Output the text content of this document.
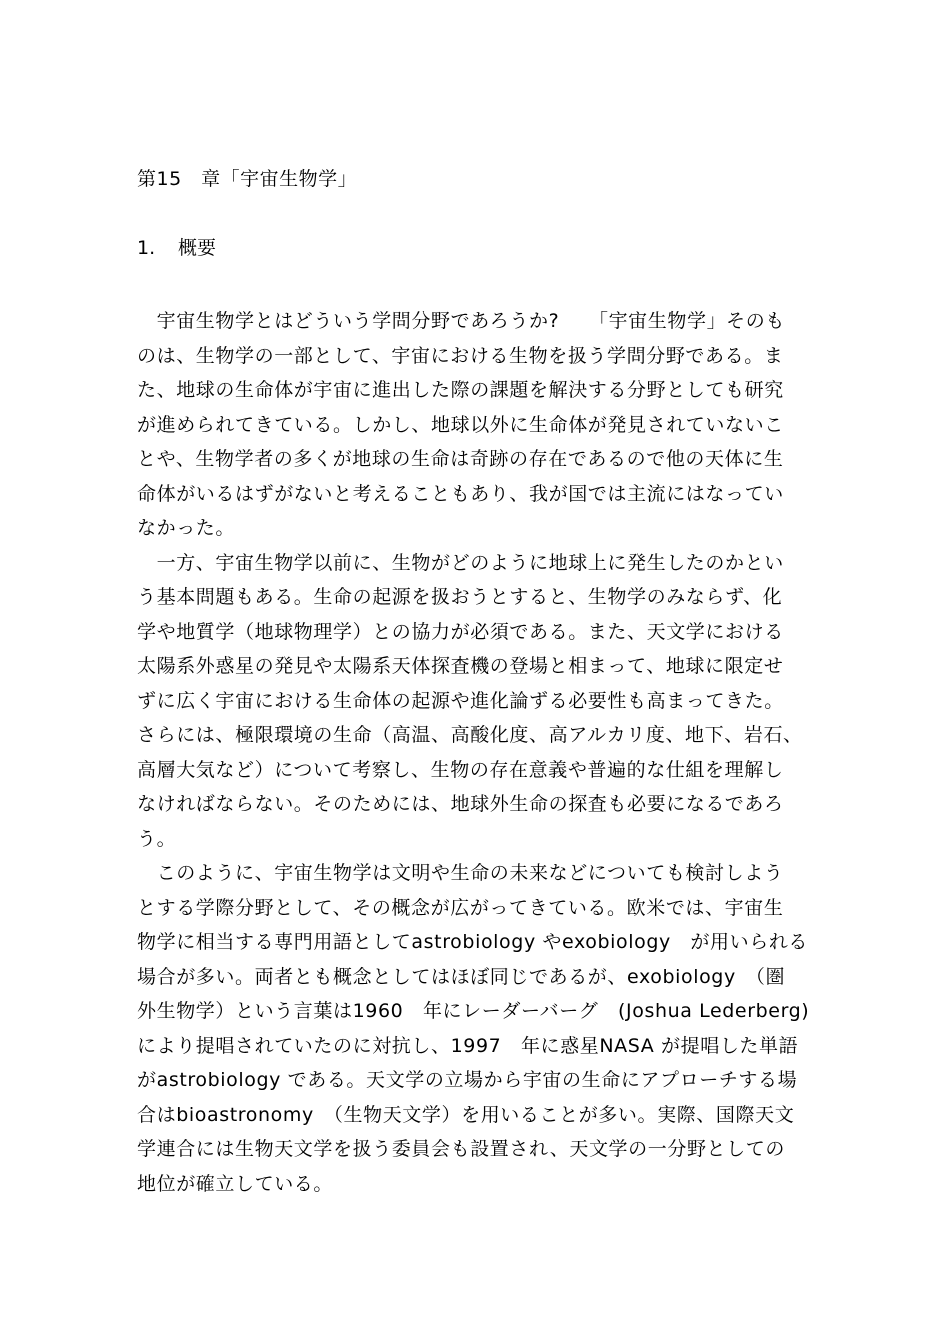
第15　章「宇宙生物学」
1. 概要
　宇宙生物学とはどういう学問分野であろうか?　　「宇宙生物学」そのも
のは、生物学の一部として、宇宙における生物を扱う学問分野である。ま
た、地球の生命体が宇宙に進出した際の課題を解決する分野としても研究
が進められてきている。しかし、地球以外に生命体が発見されていないこ
とや、生物学者の多くが地球の生命は奇跡の存在であるので他の天体に生
命体がいるはずがないと考えることもあり、我が国では主流にはなってい
なかった。
　一方、宇宙生物学以前に、生物がどのように地球上に発生したのかとい
う基本問題もある。生命の起源を扱おうとすると、生物学のみならず、化
学や地質学（地球物理学）との協力が必須である。また、天文学における
太陽系外惑星の発見や太陽系天体探査機の登場と相まって、地球に限定せ
ずに広く宇宙における生命体の起源や進化論ずる必要性も高まってきた。
さらには、極限環境の生命（高温、高酸化度、高アルカリ度、地下、岩石、
高層大気など）について考察し、生物の存在意義や普遍的な仕組を理解し
なければならない。そのためには、地球外生命の探査も必要になるであろ
う。
　このように、宇宙生物学は文明や生命の未来などについても検討しよう
とする学際分野として、その概念が広がってきている。欧米では、宇宙生
物学に相当する専門用語としてastrobiology やexobiology　が用いられる
場合が多い。両者とも概念としてはほぼ同じであるが、exobiology　（圏
外生物学）という言葉は1960　年にレーダーバーグ　(Joshua Lederberg)
により提唱されていたのに対抗し、1997　年に惑星NASA が提唱した単語
がastrobiology である。天文学の立場から宇宙の生命にアプローチする場
合はbioastronomy　（生物天文学）を用いることが多い。実際、国際天文
学連合には生物天文学を扱う委員会も設置され、天文学の一分野としての
地位が確立している。
